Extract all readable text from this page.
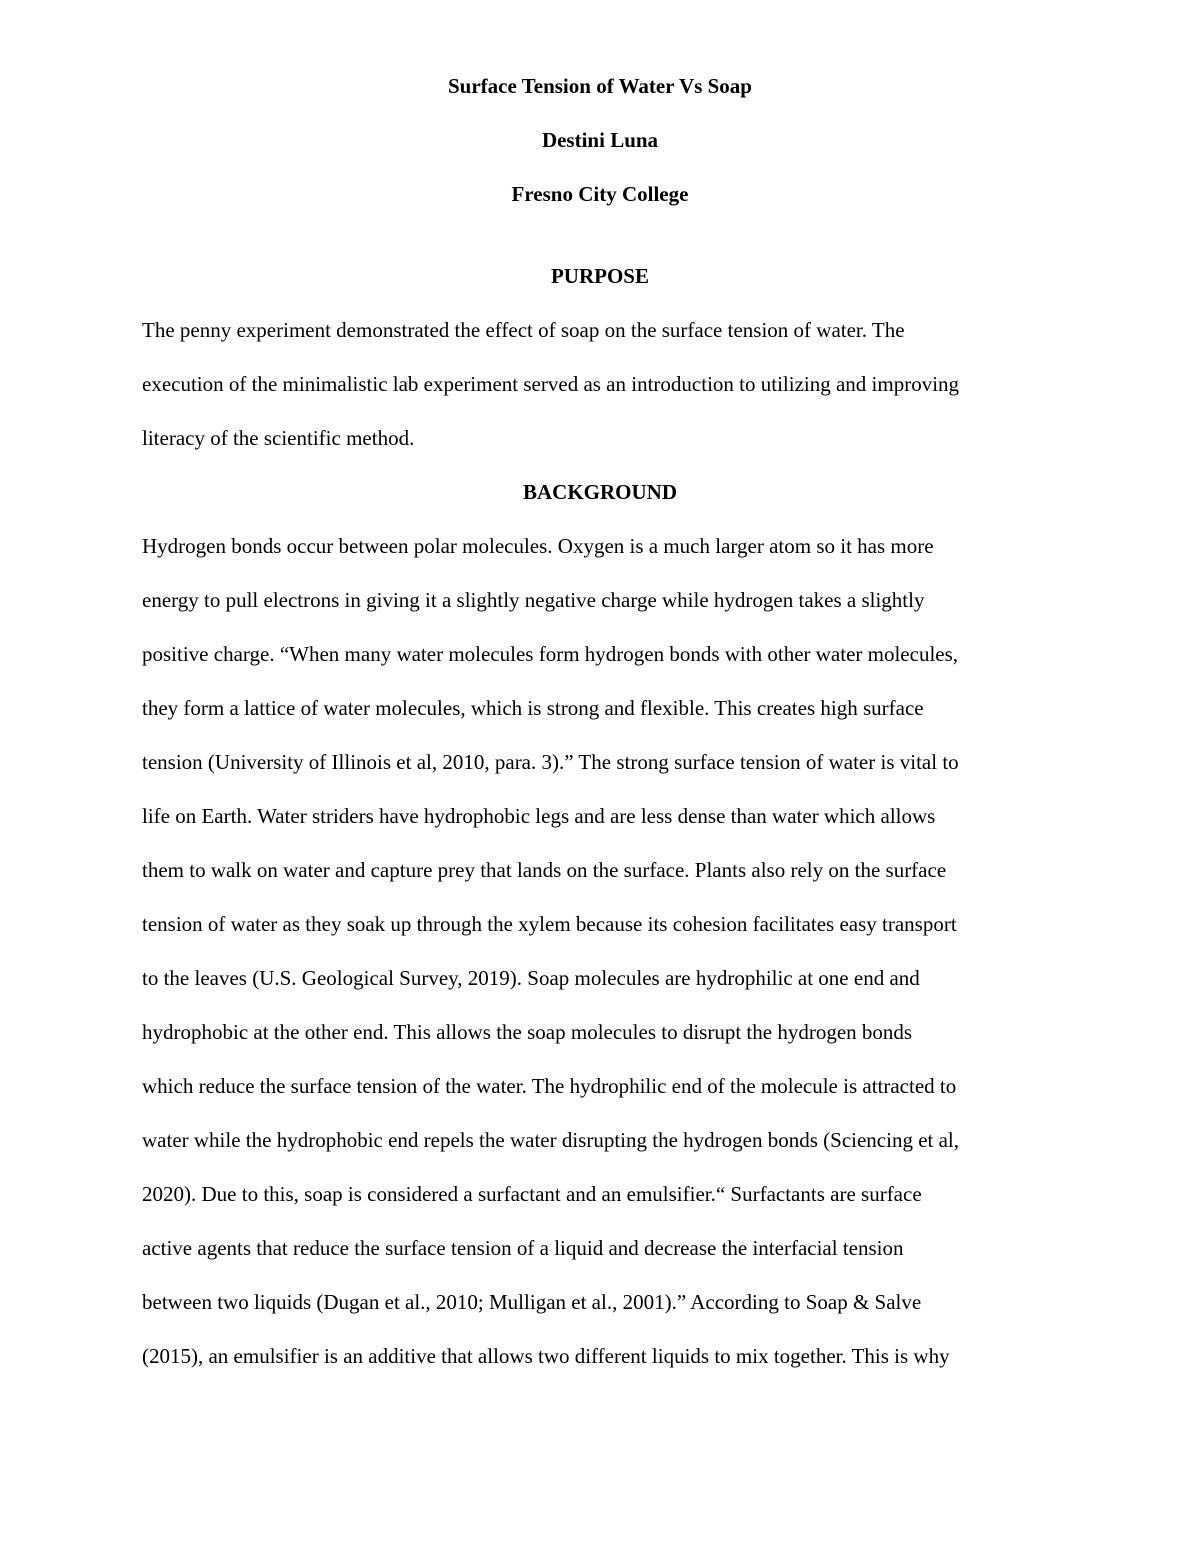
Surface Tension of Water Vs Soap
Destini Luna
Fresno City College
PURPOSE
The penny experiment demonstrated the effect of soap on the surface tension of water. The
execution of the minimalistic lab experiment served as an introduction to utilizing and improving
literacy of the scientific method.
BACKGROUND
Hydrogen bonds occur between polar molecules. Oxygen is a much larger atom so it has more
energy to pull electrons in giving it a slightly negative charge while hydrogen takes a slightly
positive charge. “When many water molecules form hydrogen bonds with other water molecules,
they form a lattice of water molecules, which is strong and flexible. This creates high surface
tension (University of Illinois et al, 2010, para. 3).” The strong surface tension of water is vital to
life on Earth. Water striders have hydrophobic legs and are less dense than water which allows
them to walk on water and capture prey that lands on the surface. Plants also rely on the surface
tension of water as they soak up through the xylem because its cohesion facilitates easy transport
to the leaves (U.S. Geological Survey, 2019). Soap molecules are hydrophilic at one end and
hydrophobic at the other end. This allows the soap molecules to disrupt the hydrogen bonds
which reduce the surface tension of the water. The hydrophilic end of the molecule is attracted to
water while the hydrophobic end repels the water disrupting the hydrogen bonds (Sciencing et al,
2020). Due to this, soap is considered a surfactant and an emulsifier.“ Surfactants are surface
active agents that reduce the surface tension of a liquid and decrease the interfacial tension
between two liquids (Dugan et al., 2010; Mulligan et al., 2001).” According to Soap & Salve
(2015), an emulsifier is an additive that allows two different liquids to mix together. This is why
